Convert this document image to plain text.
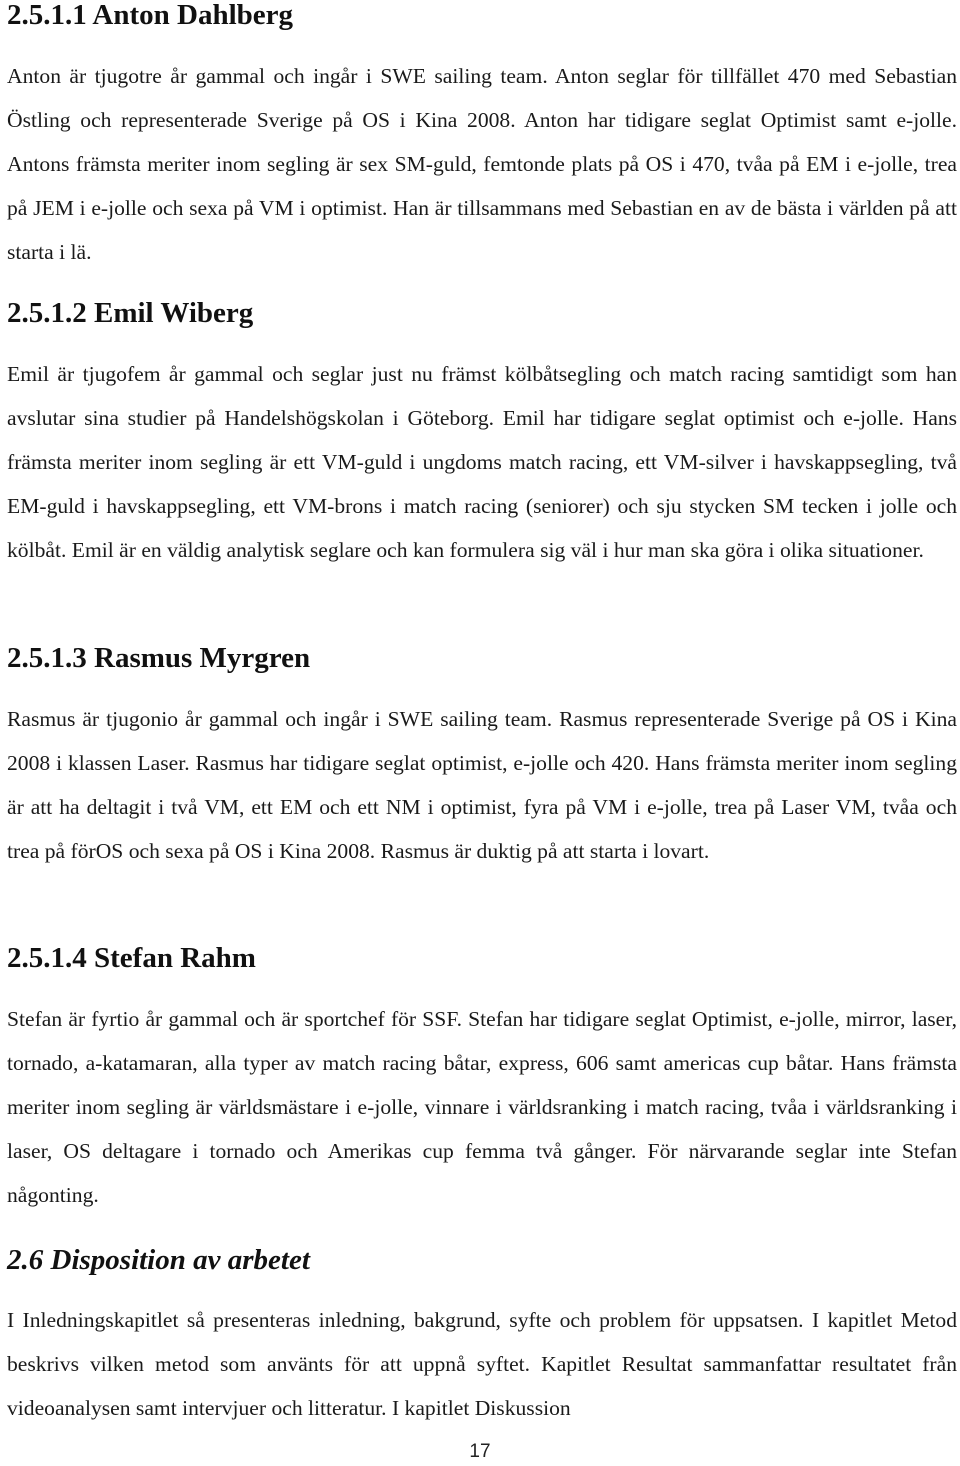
2.5.1.1 Anton Dahlberg

Anton är tjugotre år gammal och ingår i SWE sailing team. Anton seglar för tillfället 470 med Sebastian Östling och representerade Sverige på OS i Kina 2008. Anton har tidigare seglat Optimist samt e-jolle. Antons främsta meriter inom segling är sex SM-guld, femtonde plats på OS i 470, tvåa på EM i e-jolle, trea på JEM i e-jolle och sexa på VM i optimist. Han är tillsammans med Sebastian en av de bästa i världen på att starta i lä.

2.5.1.2 Emil Wiberg

Emil är tjugofem år gammal och seglar just nu främst kölbåtsegling och match racing samtidigt som han avslutar sina studier på Handelshögskolan i Göteborg. Emil har tidigare seglat optimist och e-jolle. Hans främsta meriter inom segling är ett VM-guld i ungdoms match racing, ett VM-silver i havskappsegling, två EM-guld i havskappsegling, ett VM-brons i match racing (seniorer) och sju stycken SM tecken i jolle och kölbåt. Emil är en väldig analytisk seglare och kan formulera sig väl i hur man ska göra i olika situationer.

2.5.1.3 Rasmus Myrgren

Rasmus är tjugonio år gammal och ingår i SWE sailing team. Rasmus representerade Sverige på OS i Kina 2008 i klassen Laser. Rasmus har tidigare seglat optimist, e-jolle och 420. Hans främsta meriter inom segling är att ha deltagit i två VM, ett EM och ett NM i optimist, fyra på VM i e-jolle, trea på Laser VM, tvåa och trea på förOS och sexa på OS i Kina 2008. Rasmus är duktig på att starta i lovart.

2.5.1.4 Stefan Rahm

Stefan är fyrtio år gammal och är sportchef för SSF. Stefan har tidigare seglat Optimist, e-jolle, mirror, laser, tornado, a-katamaran, alla typer av match racing båtar, express, 606 samt americas cup båtar. Hans främsta meriter inom segling är världsmästare i e-jolle, vinnare i världsranking i match racing, tvåa i världsranking i laser, OS deltagare i tornado och Amerikas cup femma två gånger. För närvarande seglar inte Stefan någonting.

2.6 Disposition av arbetet

I Inledningskapitlet så presenteras inledning, bakgrund, syfte och problem för uppsatsen. I kapitlet Metod beskrivs vilken metod som använts för att uppnå syftet. Kapitlet Resultat sammanfattar resultatet från videoanalysen samt intervjuer och litteratur. I kapitlet Diskussion

17
